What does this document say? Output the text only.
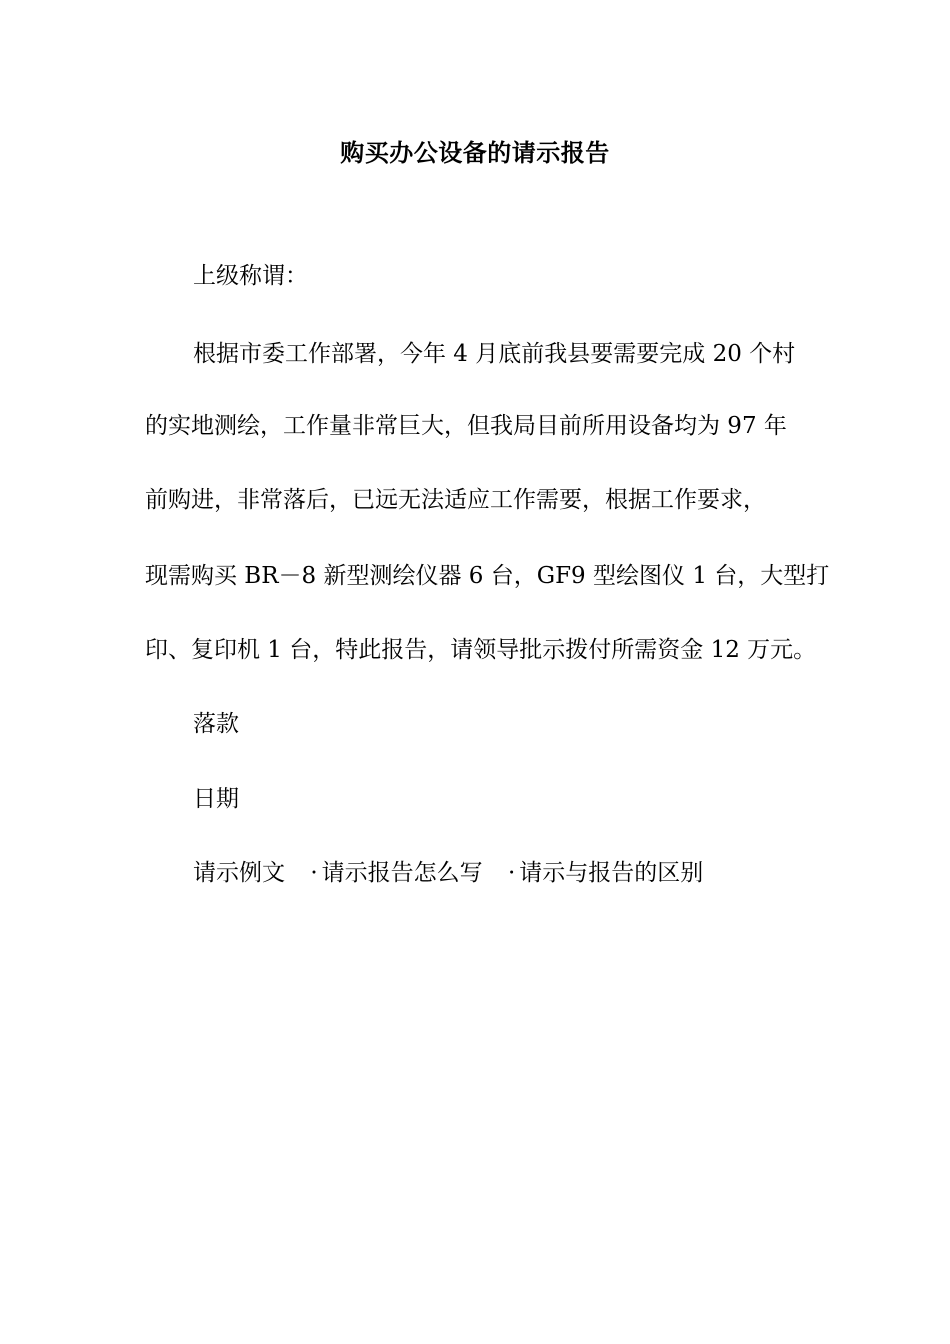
购买办公设备的请示报告
上级称谓：
根据市委工作部署，今年 4 月底前我县要需要完成 20 个村
的实地测绘，工作量非常巨大，但我局目前所用设备均为 97 年
前购进，非常落后，已远无法适应工作需要，根据工作要求，
现需购买 BR－8 新型测绘仪器 6 台，GF9 型绘图仪 1 台，大型打
印、复印机 1 台，特此报告，请领导批示拨付所需资金 12 万元。
落款
日期
请示例文 · 请示报告怎么写 · 请示与报告的区别
